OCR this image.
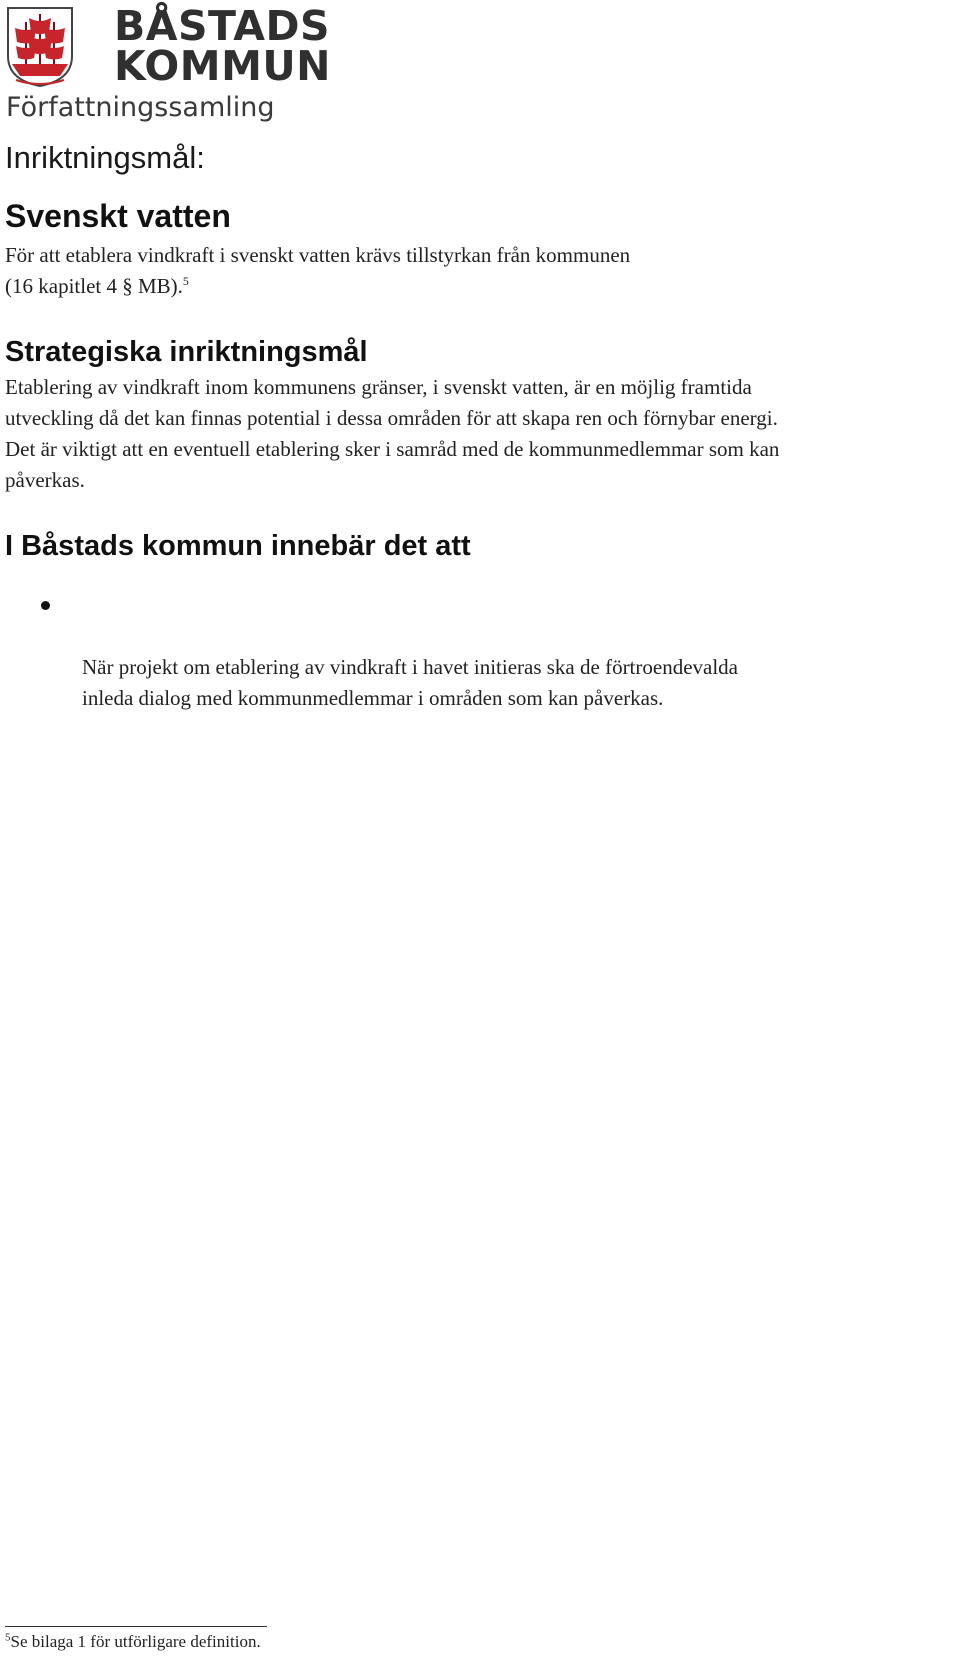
BÅSTADS
KOMMUN
Författningssamling
Inriktningsmål:
Svenskt vatten

För att etablera vindkraft i svenskt vatten krävs tillstyrkan från kommunen
(16 kapitlet 4 § MB).$^5$

Strategiska inriktningsmål

Etablering av vindkraft inom kommunens gränser, i svenskt vatten, är en möjlig framtida
utveckling då det kan finnas potential i dessa områden för att skapa ren och förnybar energi.
Det är viktigt att en eventuell etablering sker i samråd med de kommunmedlemmar som kan
påverkas.

I Båstads kommun innebär det att

När projekt om etablering av vindkraft i havet initieras ska de förtroendevalda
inleda dialog med kommunmedlemmar i områden som kan påverkas.

$^5$Se bilaga 1 för utförligare definition.
